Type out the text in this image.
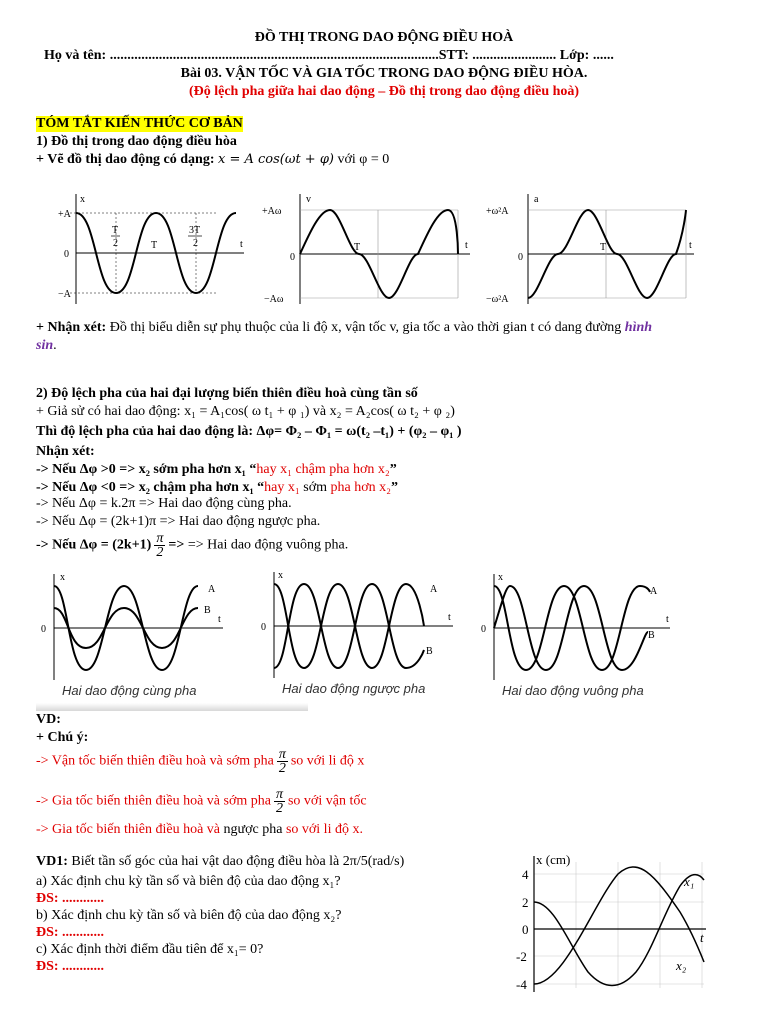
ĐỒ THỊ TRONG DAO ĐỘNG ĐIỀU HOÀ
Họ và tên: ..............................................................................................STT: ........................ Lớp: ......
Bài 03. VẬN TỐC VÀ GIA TỐC TRONG DAO ĐỘNG ĐIỀU HÒA.
(Độ lệch pha giữa hai dao động – Đồ thị trong dao động điều hoà)
TÓM TẮT KIẾN THỨC CƠ BẢN
1) Đồ thị trong dao động điều hòa
+ Vẽ đồ thị dao động có dạng: x = A cos(ωt + φ) với φ = 0
x
+A
0
−A
t
T
2	T
3T
2
v
+Aω
0
−Aω
t
T
a
+ω²A
0
−ω²A
t
T
+ Nhận xét: Đồ thị biểu diễn sự phụ thuộc của li độ x, vận tốc v, gia tốc a vào thời gian t có dang đường hình
sin.
2) Độ lệch pha của hai đại lượng biến thiên điều hoà cùng tần số
+ Giả sử có hai dao động: x₁ = A₁cos( ω t₁ + φ ₁) và x₂ = A₂cos( ω t₂ + φ ₂)
Thì độ lệch pha của hai dao động là: Δφ= Φ₂ – Φ₁ = ω(t₂ –t₁) + (φ₂ – φ₁ )
Nhận xét:
-> Nếu Δφ >0 => x₂ sớm pha hơn x₁ “hay x₁ chậm pha hơn x₂”
-> Nếu Δφ <0 => x₂ chậm pha hơn x₁ “hay x₁ sớm pha hơn x₂”
-> Nếu Δφ = k.2π => Hai dao động cùng pha.
-> Nếu Δφ = (2k+1)π => Hai dao động ngược pha.
-> Nếu $\Delta\varphi = (2k+1) \frac{\pi}{2}$ => => Hai dao động vuông pha.
x
0
t
A
B
Hai dao động cùng pha
x
0
t
A
B
Hai dao động ngược pha
x
0
t
A
B
Hai dao động vuông pha
VD:
+ Chú ý:
-> Vận tốc biến thiên điều hoà và sớm pha $\frac{\pi}{2}$ so với li độ x
-> Gia tốc biến thiên điều hoà và sớm pha $\frac{\pi}{2}$ so với vận tốc
-> Gia tốc biến thiên điều hoà và ngược pha so với li độ x.
VD1: Biết tần số góc của hai vật dao động điều hòa là 2π/5(rad/s)
a) Xác định chu kỳ tần số và biên độ của dao động x₁?
ĐS: ............
b) Xác định chu kỳ tần số và biên độ của dao động x₂?
ĐS: ............
c) Xác định thời điểm đầu tiên để x₁= 0?
ĐS: ............
x (cm)
4
2
0
-2
-4
t
x₁
x₂
